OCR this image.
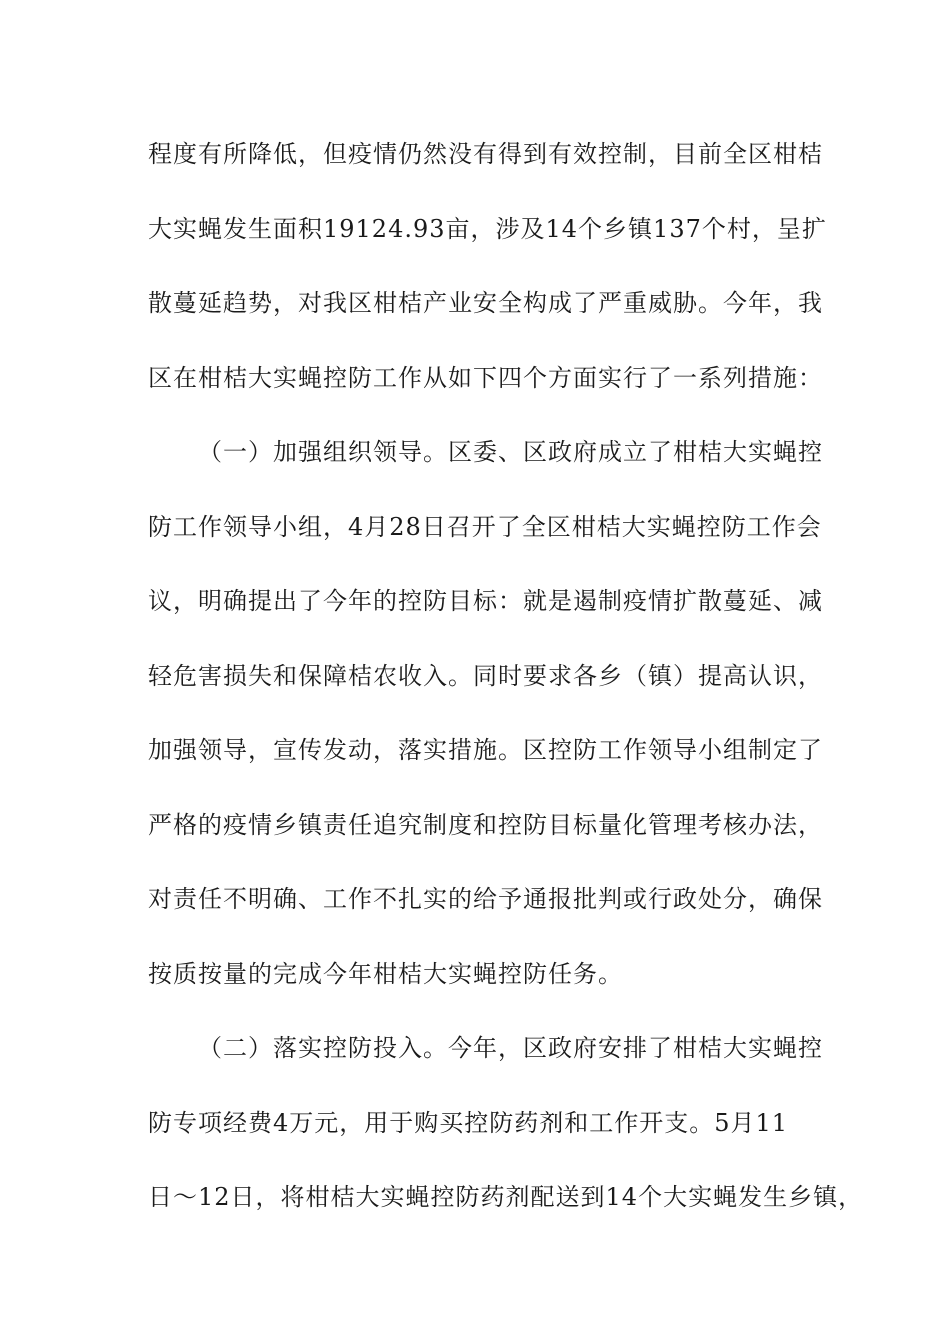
程度有所降低，但疫情仍然没有得到有效控制，目前全区柑桔
大实蝇发生面积19124.93亩，涉及14个乡镇137个村，呈扩
散蔓延趋势，对我区柑桔产业安全构成了严重威胁。今年，我
区在柑桔大实蝇控防工作从如下四个方面实行了一系列措施：
（一）加强组织领导。区委、区政府成立了柑桔大实蝇控
防工作领导小组，4月28日召开了全区柑桔大实蝇控防工作会
议，明确提出了今年的控防目标：就是遏制疫情扩散蔓延、减
轻危害损失和保障桔农收入。同时要求各乡（镇）提高认识，
加强领导，宣传发动，落实措施。区控防工作领导小组制定了
严格的疫情乡镇责任追究制度和控防目标量化管理考核办法，
对责任不明确、工作不扎实的给予通报批判或行政处分，确保
按质按量的完成今年柑桔大实蝇控防任务。
（二）落实控防投入。今年，区政府安排了柑桔大实蝇控
防专项经费4万元，用于购买控防药剂和工作开支。5月11
日～12日，将柑桔大实蝇控防药剂配送到14个大实蝇发生乡镇，
